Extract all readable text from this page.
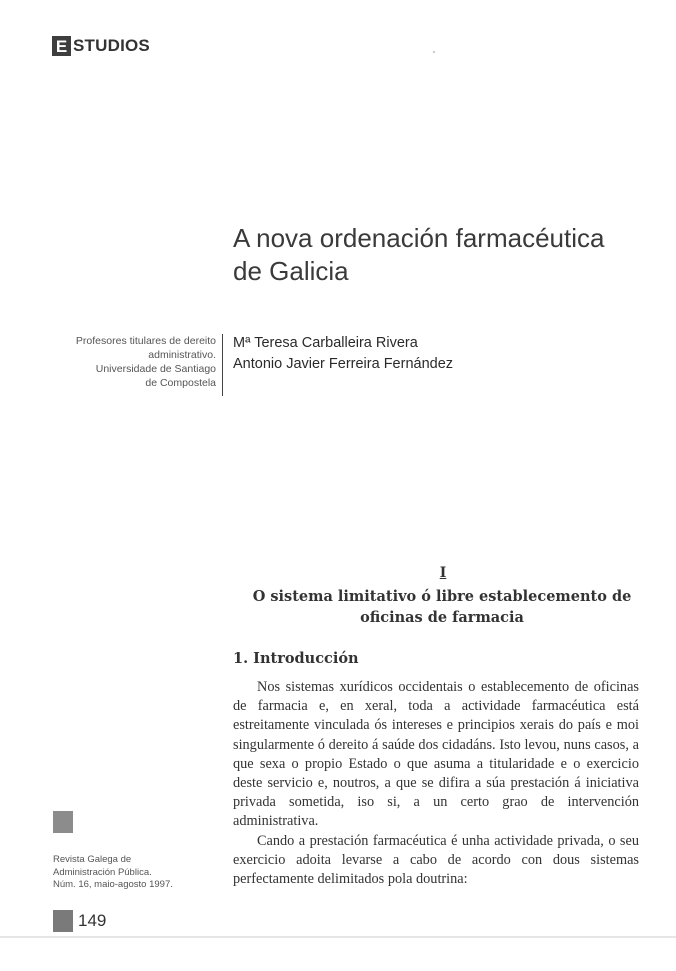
E STUDIOS
A nova ordenación farmacéutica
de Galicia
Profesores titulares de dereito
administrativo.
Universidade de Santiago
de Compostela
Mª Teresa Carballeira Rivera
Antonio Javier Ferreira Fernández
I
O sistema limitativo ó libre establecemento de
oficinas de farmacia
1. Introducción

Nos sistemas xurídicos occidentais o establecemento de oficinas de farmacia e, en xeral, toda a actividade farmacéutica está estreitamente vinculada ós intereses e principios xerais do país e moi singularmente ó dereito á saúde dos cidadáns. Isto levou, nuns casos, a que sexa o propio Estado o que asuma a titularidade e o exercicio deste servicio e, noutros, a que se difira a súa prestación á iniciativa privada sometida, iso si, a un certo grao de intervención administrativa.

Cando a prestación farmacéutica é unha actividade privada, o seu exercicio adoita levarse a cabo de acordo con dous sistemas perfectamente delimitados pola doutrina:

Revista Galega de
Administración Pública.
Núm. 16, maio-agosto 1997.
149
